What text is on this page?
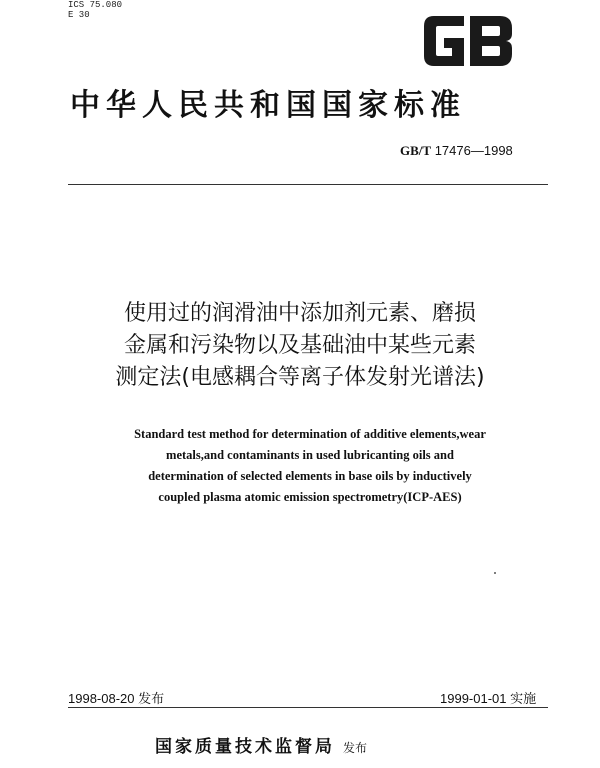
ICS 75.080
E 30
中华人民共和国国家标准
GB/T 17476—1998
使用过的润滑油中添加剂元素、磨损
金属和污染物以及基础油中某些元素
测定法(电感耦合等离子体发射光谱法)
Standard test method for determination of additive elements,wear
metals,and contaminants in used lubricanting oils and
determination of selected elements in base oils by inductively
coupled plasma atomic emission spectrometry(ICP-AES)
1998-08-20 发布	1999-01-01 实施
国家质量技术监督局 发布
